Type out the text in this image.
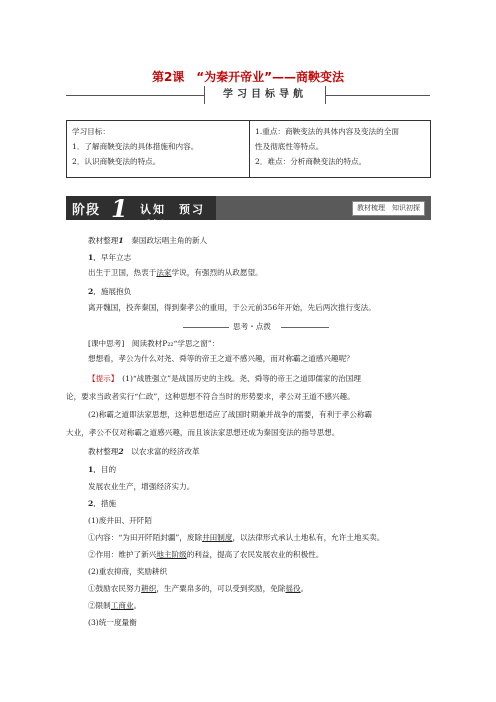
第2课　“为秦开帝业”——商鞅变法
学习目标导航

学习目标：

1．了解商鞅变法的具体措施和内容。

2．认识商鞅变法的特点。

1.重点：商鞅变法的具体内容及变法的全面

性及彻底性等特点。

2．难点：分析商鞅变法的特点。

阶段 1 认知　预习　质疑
教材梳理　知识初探
教材整理1　秦国政坛唱主角的新人
1．早年立志
出生于卫国，热衷于法家学说，有强烈的从政愿望。
2．施展抱负
离开魏国，投奔秦国，得到秦孝公的重用，于公元前356年开始，先后两次推行变法。
思考・点拨
[课中思考]　阅读教材P₂₂“学思之窗”：
想想看，孝公为什么对尧、舜等的帝王之道不感兴趣，而对称霸之道感兴趣呢？
【提示】　(1)“战胜强立”是战国历史的主线。尧、舜等的帝王之道即儒家的治国理
论，要求当政者实行“仁政”，这种思想不符合当时的形势要求，孝公对王道不感兴趣。
(2)称霸之道即法家思想，这种思想适应了战国时期兼并战争的需要，有利于孝公称霸
大业，孝公不仅对称霸之道感兴趣，而且该法家思想还成为秦国变法的指导思想。
教材整理2　以农求富的经济改革
1．目的
发展农业生产，增强经济实力。
2．措施
(1)废井田、开阡陌
①内容：“为田开阡陌封疆”，废除井田制度，以法律形式承认土地私有，允许土地买卖。
②作用：维护了新兴地主阶级的利益，提高了农民发展农业的积极性。
(2)重农抑商，奖励耕织
①鼓励农民努力耕织，生产粟帛多的，可以受到奖励，免除徭役。
②限制工商业。
(3)统一度量衡
